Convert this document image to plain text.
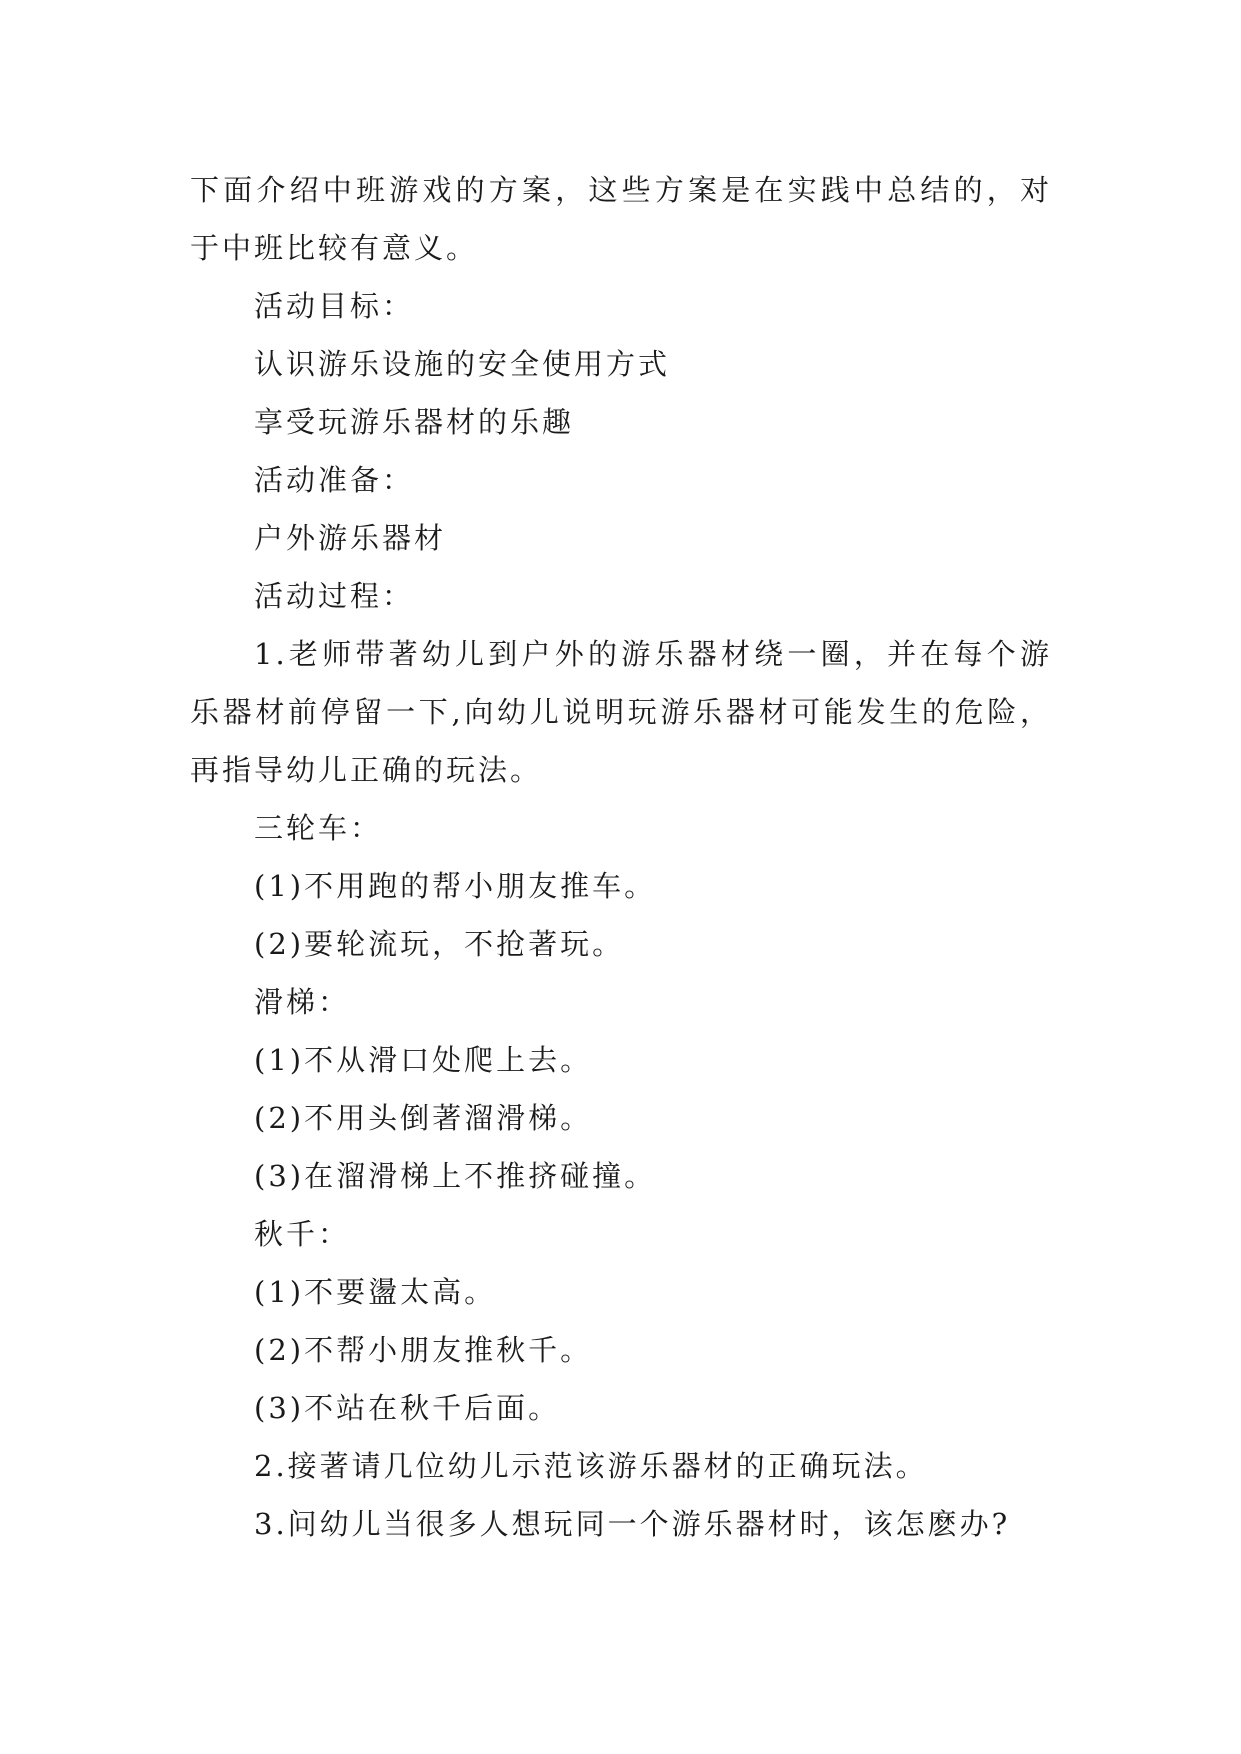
下面介绍中班游戏的方案，这些方案是在实践中总结的，对
于中班比较有意义。
活动目标：
认识游乐设施的安全使用方式
享受玩游乐器材的乐趣
活动准备：
户外游乐器材
活动过程：
1.老师带著幼儿到户外的游乐器材绕一圈，并在每个游
乐器材前停留一下,向幼儿说明玩游乐器材可能发生的危险，
再指导幼儿正确的玩法。
三轮车：
(1)不用跑的帮小朋友推车。
(2)要轮流玩，不抢著玩。
滑梯：
(1)不从滑口处爬上去。
(2)不用头倒著溜滑梯。
(3)在溜滑梯上不推挤碰撞。
秋千：
(1)不要盪太高。
(2)不帮小朋友推秋千。
(3)不站在秋千后面。
2.接著请几位幼儿示范该游乐器材的正确玩法。
3.问幼儿当很多人想玩同一个游乐器材时，该怎麽办?
